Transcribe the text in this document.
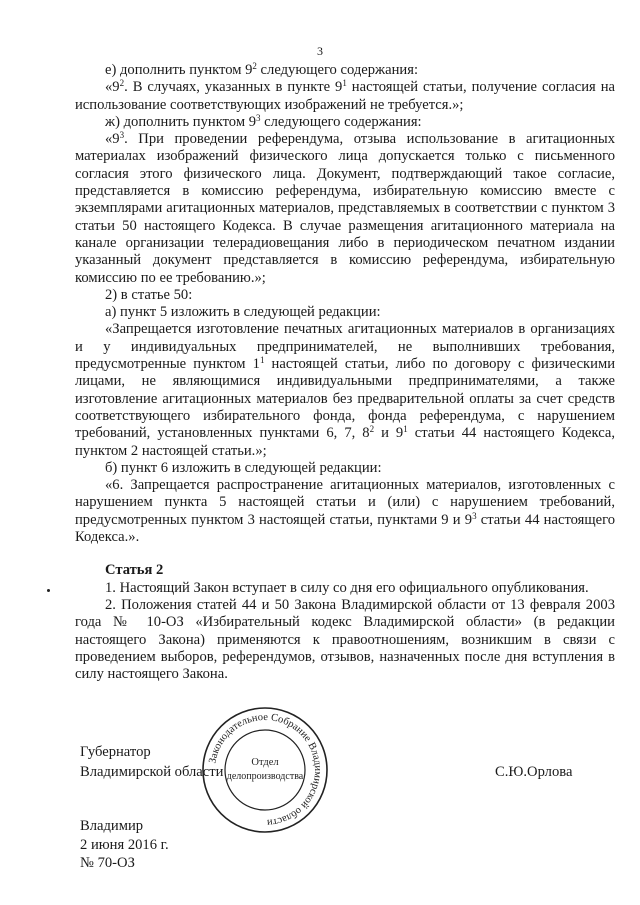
3

е) дополнить пунктом $9^2$ следующего содержания:

«$9^2$. В случаях, указанных в пункте $9^1$ настоящей статьи, получение согласия на использование соответствующих изображений не требуется.»;

ж) дополнить пунктом $9^3$ следующего содержания:

«$9^3$. При проведении референдума, отзыва использование в агитационных материалах изображений физического лица допускается только с письменного согласия этого физического лица. Документ, подтверждающий такое согласие, представляется в комиссию референдума, избирательную комиссию вместе с экземплярами агитационных материалов, представляемых в соответствии с пунктом 3 статьи 50 настоящего Кодекса. В случае размещения агитационного материала на канале организации телерадиовещания либо в периодическом печатном издании указанный документ представляется в комиссию референдума, избирательную комиссию по ее требованию.»;

2) в статье 50:

а) пункт 5 изложить в следующей редакции:

«Запрещается изготовление печатных агитационных материалов в организациях и у индивидуальных предпринимателей, не выполнивших требования, предусмотренные пунктом $1^1$ настоящей статьи, либо по договору с физическими лицами, не являющимися индивидуальными предпринимателями, а также изготовление агитационных материалов без предварительной оплаты за счет средств соответствующего избирательного фонда, фонда референдума, с нарушением требований, установленных пунктами 6, 7, $8^2$ и $9^1$ статьи 44 настоящего Кодекса, пунктом 2 настоящей статьи.»;

б) пункт 6 изложить в следующей редакции:

«6. Запрещается распространение агитационных материалов, изготовленных с нарушением пункта 5 настоящей статьи и (или) с нарушением требований, предусмотренных пунктом 3 настоящей статьи, пунктами 9 и $9^3$ статьи 44 настоящего Кодекса.».

Статья 2

1. Настоящий Закон вступает в силу со дня его официального опубликования.

2. Положения статей 44 и 50 Закона Владимирской области от 13 февраля 2003 года № 10-ОЗ «Избирательный кодекс Владимирской области» (в редакции настоящего Закона) применяются к правоотношениям, возникшим в связи с проведением выборов, референдумов, отзывов, назначенных после дня вступления в силу настоящего Закона.

Губернатор
Владимирской области	С.Ю.Орлова
Законодательное Собрание Владимирской области
Отдел
делопроизводства
Владимир
2 июня 2016 г.
№ 70-ОЗ
